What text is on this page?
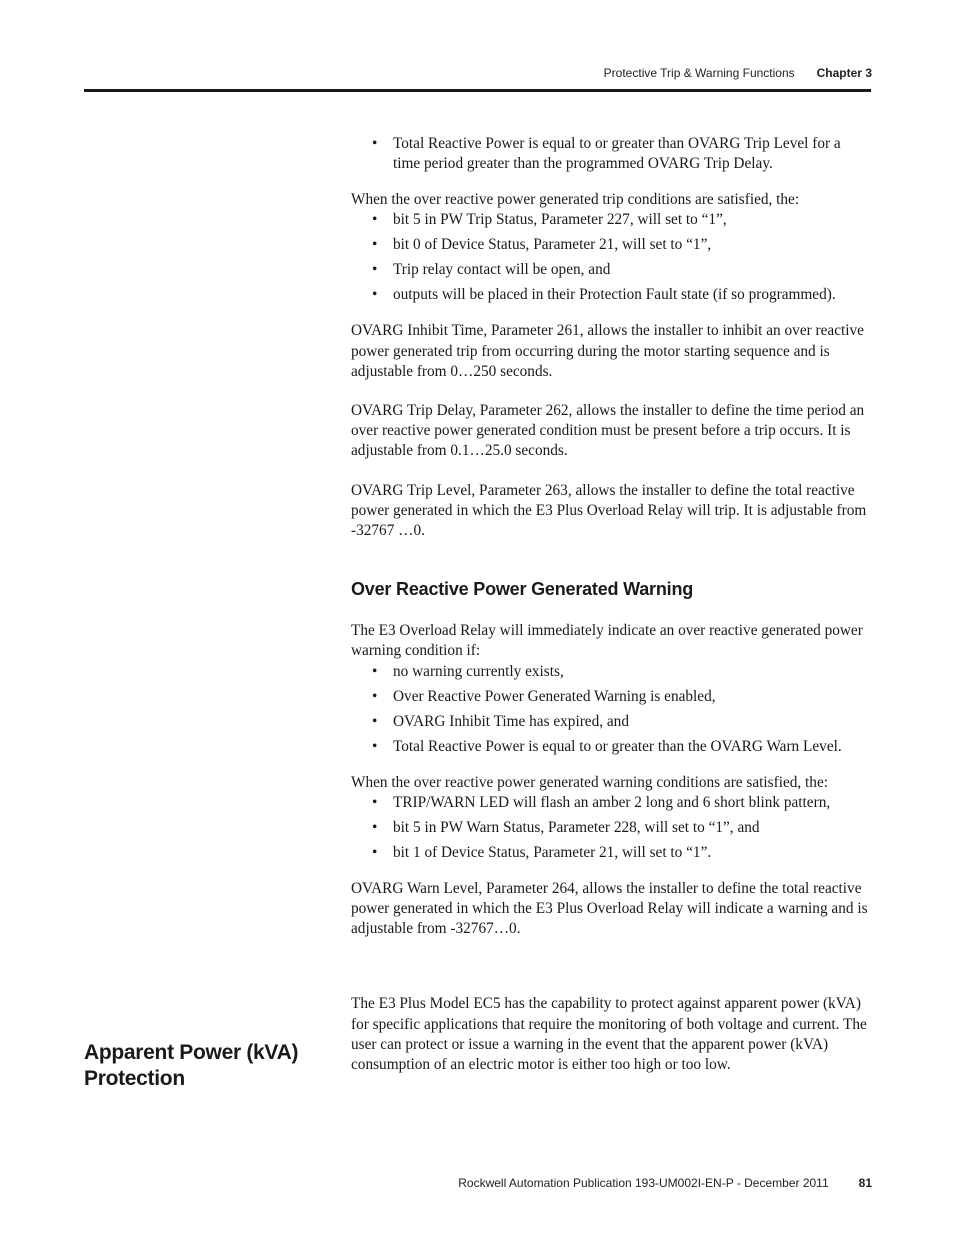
Protective Trip & Warning Functions Chapter 3
• Total Reactive Power is equal to or greater than OVARG Trip Level for a time period greater than the programmed OVARG Trip Delay.

When the over reactive power generated trip conditions are satisfied, the:

• bit 5 in PW Trip Status, Parameter 227, will set to “1”,
• bit 0 of Device Status, Parameter 21, will set to “1”,
• Trip relay contact will be open, and
• outputs will be placed in their Protection Fault state (if so programmed).

OVARG Inhibit Time, Parameter 261, allows the installer to inhibit an over reactive power generated trip from occurring during the motor starting sequence and is adjustable from 0…250 seconds.

OVARG Trip Delay, Parameter 262, allows the installer to define the time period an over reactive power generated condition must be present before a trip occurs. It is adjustable from 0.1…25.0 seconds.

OVARG Trip Level, Parameter 263, allows the installer to define the total reactive power generated in which the E3 Plus Overload Relay will trip. It is adjustable from -32767 …0.

Over Reactive Power Generated Warning

The E3 Overload Relay will immediately indicate an over reactive generated power warning condition if:

• no warning currently exists,
• Over Reactive Power Generated Warning is enabled,
• OVARG Inhibit Time has expired, and
• Total Reactive Power is equal to or greater than the OVARG Warn Level.

When the over reactive power generated warning conditions are satisfied, the:

• TRIP/WARN LED will flash an amber 2 long and 6 short blink pattern,
• bit 5 in PW Warn Status, Parameter 228, will set to “1”, and
• bit 1 of Device Status, Parameter 21, will set to “1”.

OVARG Warn Level, Parameter 264, allows the installer to define the total reactive power generated in which the E3 Plus Overload Relay will indicate a warning and is adjustable from -32767…0.

The E3 Plus Model EC5 has the capability to protect against apparent power (kVA) for specific applications that require the monitoring of both voltage and current. The user can protect or issue a warning in the event that the apparent power (kVA) consumption of an electric motor is either too high or too low.

Apparent Power (kVA) Protection
Rockwell Automation Publication 193-UM002I-EN-P - December 2011	81
